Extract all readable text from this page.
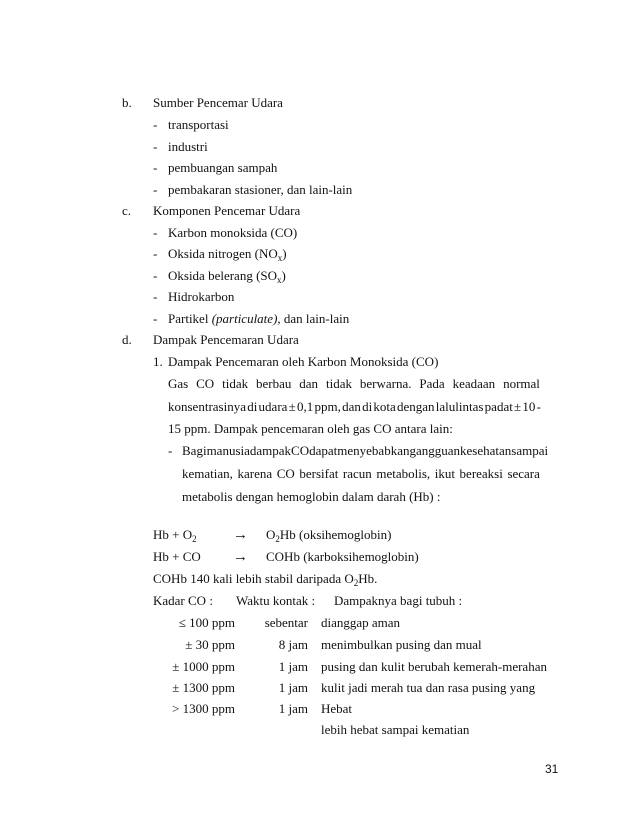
b. Sumber Pencemar Udara
- transportasi
- industri
- pembuangan sampah
- pembakaran stasioner, dan lain-lain
c. Komponen Pencemar Udara
- Karbon monoksida (CO)
- Oksida nitrogen $(NO_x)$
- Oksida belerang $(SO_x)$
- Hidrokarbon
- Partikel (particulate), dan lain-lain
d. Dampak Pencemaran Udara
1. Dampak Pencemaran oleh Karbon Monoksida (CO)
Gas CO tidak berbau dan tidak berwarna. Pada keadaan normal
konsentrasinya di udara ± 0,1 ppm, dan di kota dengan lalulintas padat ± 10 -
15 ppm. Dampak pencemaran oleh gas CO antara lain:
- Bagi manusia dampak CO dapat menyebabkan gangguan kesehatan sampai
kematian, karena CO bersifat racun metabolis, ikut bereaksi secara
metabolis dengan hemoglobin dalam darah (Hb) :
$Hb + O_2 \to O_2Hb$ (oksihemoglobin)
Hb + CO → COHb (karboksihemoglobin)
COHb 140 kali lebih stabil daripada $O_2Hb$.
Kadar CO : Waktu kontak : Dampaknya bagi tubuh :
≤ 100 ppm	sebentar dianggap aman
± 30 ppm	8 jam menimbulkan pusing dan mual
± 1000 ppm	1 jam pusing dan kulit berubah kemerah-merahan
± 1300 ppm	1 jam kulit jadi merah tua dan rasa pusing yang
> 1300 ppm	1 jam Hebat
lebih hebat sampai kematian
31
